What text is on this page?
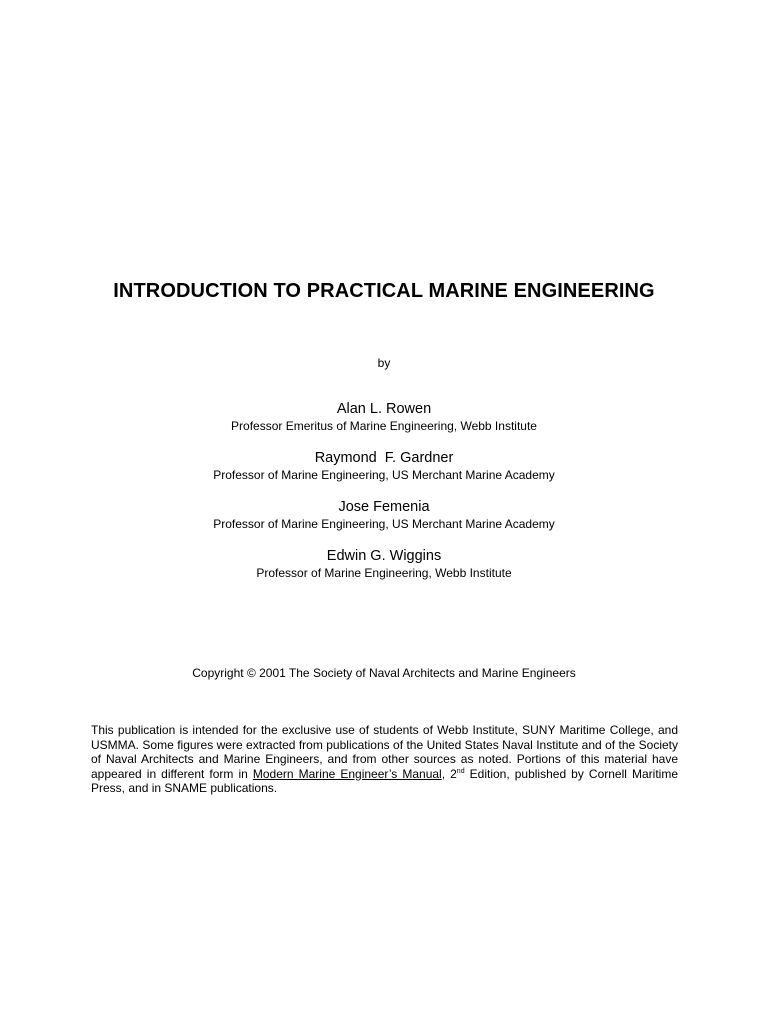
INTRODUCTION TO PRACTICAL MARINE ENGINEERING
by
Alan L. Rowen
Professor Emeritus of Marine Engineering, Webb Institute
Raymond  F. Gardner
Professor of Marine Engineering, US Merchant Marine Academy
Jose Femenia
Professor of Marine Engineering, US Merchant Marine Academy
Edwin G. Wiggins
Professor of Marine Engineering, Webb Institute
Copyright © 2001 The Society of Naval Architects and Marine Engineers
This publication is intended for the exclusive use of students of Webb Institute, SUNY Maritime College, and USMMA. Some figures were extracted from publications of the United States Naval Institute and of the Society of Naval Architects and Marine Engineers, and from other sources as noted. Portions of this material have appeared in different form in Modern Marine Engineer’s Manual, 2nd Edition, published by Cornell Maritime Press, and in SNAME publications.
